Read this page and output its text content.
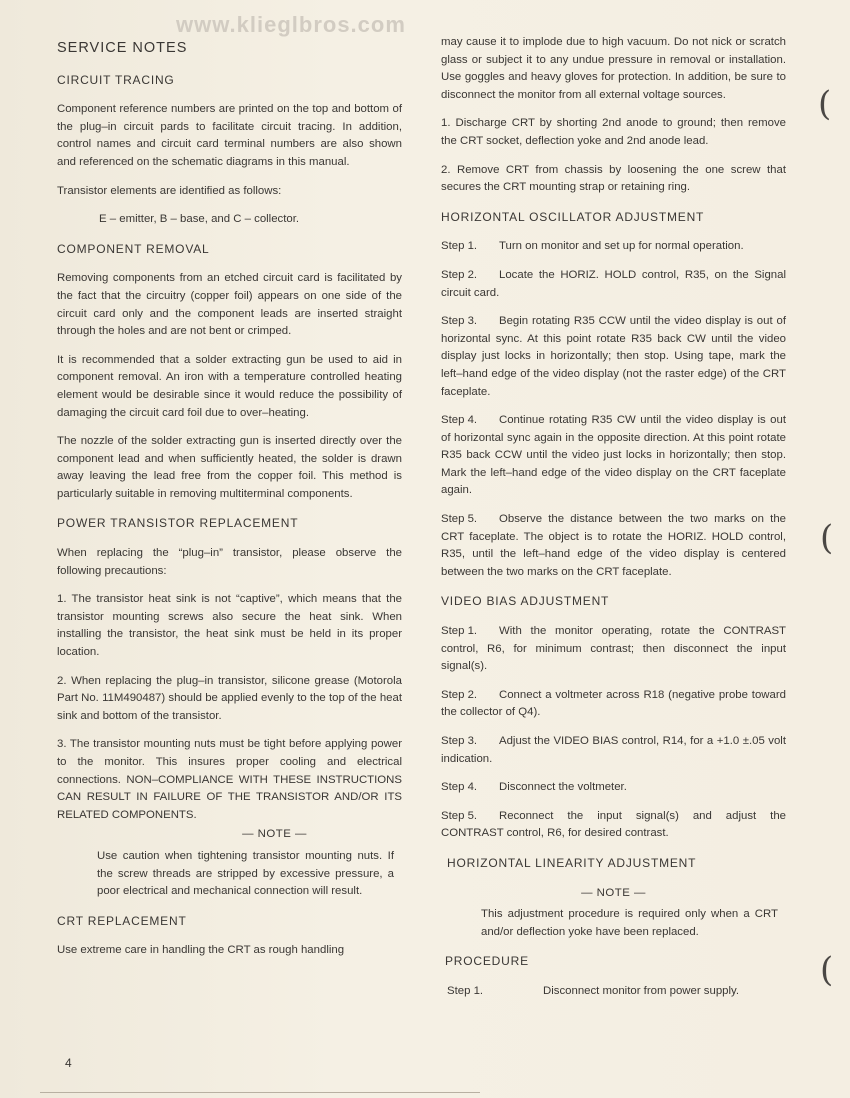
www.klieglbros.com
SERVICE NOTES
CIRCUIT TRACING

Component reference numbers are printed on the top and bottom of the plug–in circuit pards to facilitate circuit tracing. In addition, control names and circuit card terminal numbers are also shown and referenced on the schematic diagrams in this manual.

Transistor elements are identified as follows:

E – emitter, B – base, and C – collector.

COMPONENT REMOVAL

Removing components from an etched circuit card is facilitated by the fact that the circuitry (copper foil) appears on one side of the circuit card only and the component leads are inserted straight through the holes and are not bent or crimped.

It is recommended that a solder extracting gun be used to aid in component removal. An iron with a temperature controlled heating element would be desirable since it would reduce the possibility of damaging the circuit card foil due to over–heating.

The nozzle of the solder extracting gun is inserted directly over the component lead and when sufficiently heated, the solder is drawn away leaving the lead free from the copper foil. This method is particularly suitable in removing multiterminal components.

POWER TRANSISTOR REPLACEMENT

When replacing the “plug–in” transistor, please observe the following precautions:

1. The transistor heat sink is not “captive”, which means that the transistor mounting screws also secure the heat sink. When installing the transistor, the heat sink must be held in its proper location.

2. When replacing the plug–in transistor, silicone grease (Motorola Part No. 11M490487) should be applied evenly to the top of the heat sink and bottom of the transistor.

3. The transistor mounting nuts must be tight before applying power to the monitor. This insures proper cooling and electrical connections. NON–COMPLIANCE WITH THESE INSTRUCTIONS CAN RESULT IN FAILURE OF THE TRANSISTOR AND/OR ITS RELATED COMPONENTS.

— NOTE —

Use caution when tightening transistor mounting nuts. If the screw threads are stripped by excessive pressure, a poor electrical and mechanical connection will result.

CRT REPLACEMENT

Use extreme care in handling the CRT as rough handling

may cause it to implode due to high vacuum. Do not nick or scratch glass or subject it to any undue pressure in removal or installation. Use goggles and heavy gloves for protection. In addition, be sure to disconnect the monitor from all external voltage sources.

1. Discharge CRT by shorting 2nd anode to ground; then remove the CRT socket, deflection yoke and 2nd anode lead.

2. Remove CRT from chassis by loosening the one screw that secures the CRT mounting strap or retaining ring.

HORIZONTAL OSCILLATOR ADJUSTMENT

Step 1. Turn on monitor and set up for normal operation.

Step 2. Locate the HORIZ. HOLD control, R35, on the Signal circuit card.

Step 3. Begin rotating R35 CCW until the video display is out of horizontal sync. At this point rotate R35 back CW until the video display just locks in horizontally; then stop. Using tape, mark the left–hand edge of the video display (not the raster edge) of the CRT faceplate.

Step 4. Continue rotating R35 CW until the video display is out of horizontal sync again in the opposite direction. At this point rotate R35 back CCW until the video just locks in horizontally; then stop. Mark the left–hand edge of the video display on the CRT faceplate again.

Step 5. Observe the distance between the two marks on the CRT faceplate. The object is to rotate the HORIZ. HOLD control, R35, until the left–hand edge of the video display is centered between the two marks on the CRT faceplate.

VIDEO BIAS ADJUSTMENT

Step 1. With the monitor operating, rotate the CONTRAST control, R6, for minimum contrast; then disconnect the input signal(s).

Step 2. Connect a voltmeter across R18 (negative probe toward the collector of Q4).

Step 3. Adjust the VIDEO BIAS control, R14, for a +1.0 ±.05 volt indication.

Step 4. Disconnect the voltmeter.

Step 5. Reconnect the input signal(s) and adjust the CONTRAST control, R6, for desired contrast.

HORIZONTAL LINEARITY ADJUSTMENT
— NOTE —

This adjustment procedure is required only when a CRT and/or deflection yoke have been replaced.

PROCEDURE

Step 1.	Disconnect monitor from power supply.

4
(
(
(
